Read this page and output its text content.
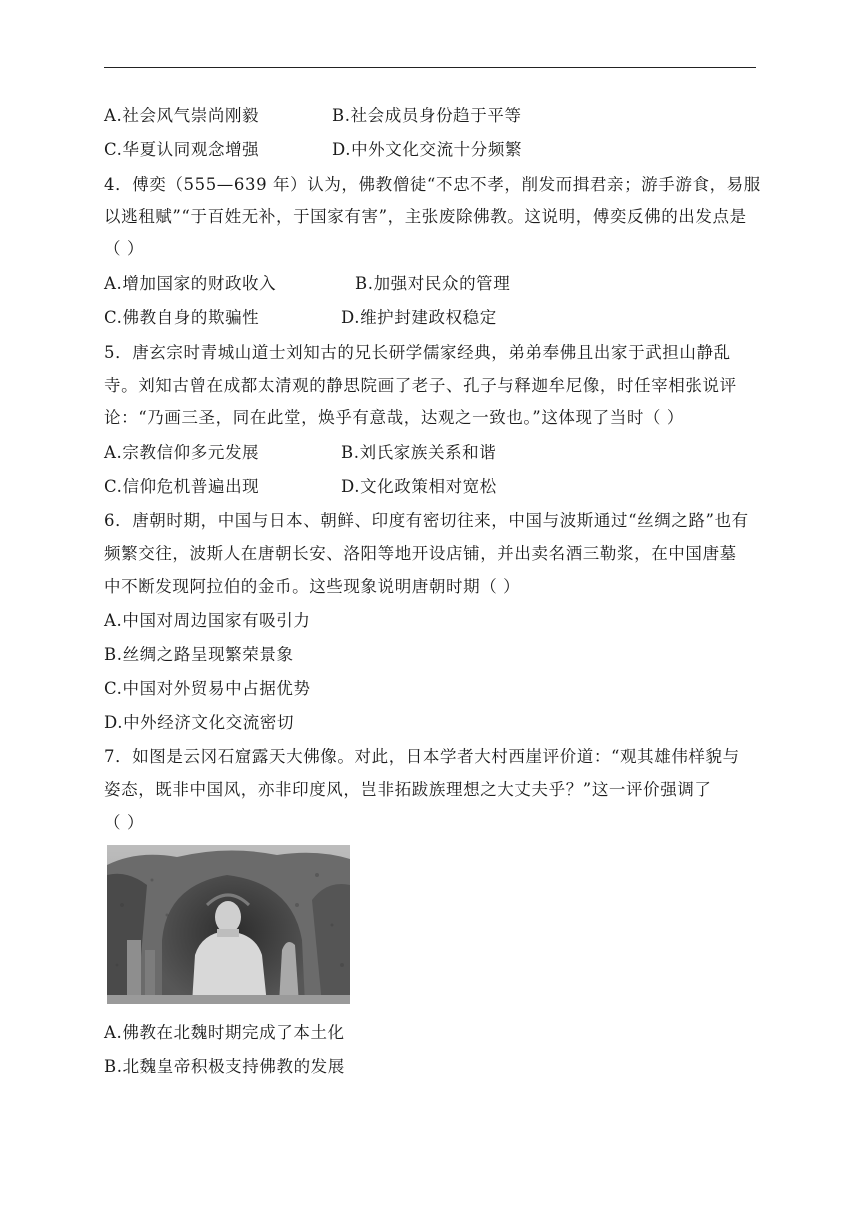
A.社会风气崇尚刚毅	B.社会成员身份趋于平等
C.华夏认同观念增强	D.中外文化交流十分频繁
4．傅奕（555—639 年）认为，佛教僧徒“不忠不孝，削发而揖君亲；游手游食，易服
以逃租赋”“于百姓无补，于国家有害”，主张废除佛教。这说明，傅奕反佛的出发点是
（ ）
A.增加国家的财政收入	B.加强对民众的管理
C.佛教自身的欺骗性	D.维护封建政权稳定
5．唐玄宗时青城山道士刘知古的兄长研学儒家经典，弟弟奉佛且出家于武担山静乱
寺。刘知古曾在成都太清观的静思院画了老子、孔子与释迦牟尼像，时任宰相张说评
论：“乃画三圣，同在此堂，焕乎有意哉，达观之一致也。”这体现了当时（ ）
A.宗教信仰多元发展	B.刘氏家族关系和谐
C.信仰危机普遍出现	D.文化政策相对宽松
6．唐朝时期，中国与日本、朝鲜、印度有密切往来，中国与波斯通过“丝绸之路”也有
频繁交往，波斯人在唐朝长安、洛阳等地开设店铺，并出卖名酒三勒浆，在中国唐墓
中不断发现阿拉伯的金币。这些现象说明唐朝时期（ ）
A.中国对周边国家有吸引力
B.丝绸之路呈现繁荣景象
C.中国对外贸易中占据优势
D.中外经济文化交流密切
7．如图是云冈石窟露天大佛像。对此，日本学者大村西崖评价道：“观其雄伟样貌与
姿态，既非中国风，亦非印度风，岂非拓跋族理想之大丈夫乎？”这一评价强调了
（ ）
A.佛教在北魏时期完成了本土化
B.北魏皇帝积极支持佛教的发展
